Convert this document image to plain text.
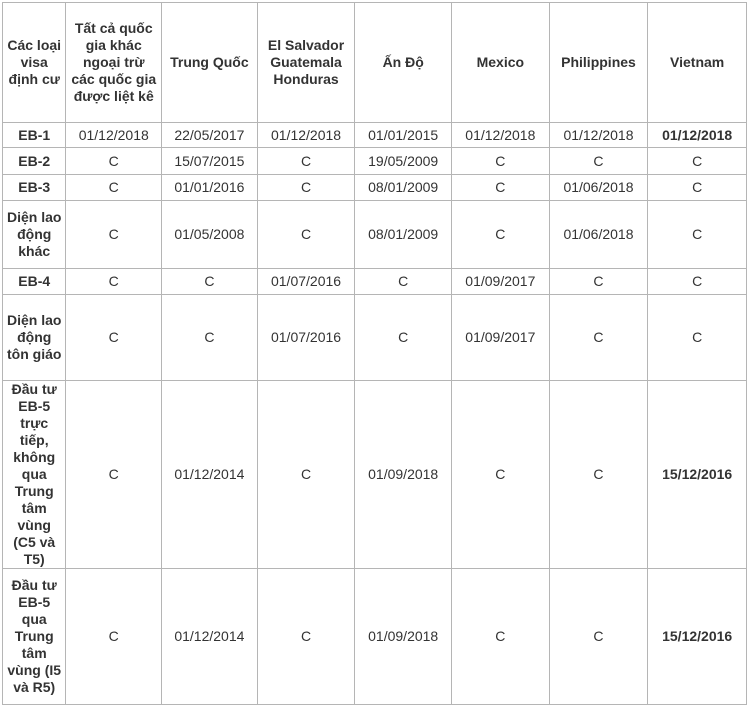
Các loại visa định cư	Tất cả quốc gia khác ngoại trừ các quốc gia được liệt kê	Trung Quốc	El Salvador Guatemala Honduras	Ấn Độ	Mexico	Philippines	Vietnam
EB-1	01/12/2018	22/05/2017	01/12/2018	01/01/2015	01/12/2018	01/12/2018	01/12/2018
EB-2	C	15/07/2015	C	19/05/2009	C	C	C
EB-3	C	01/01/2016	C	08/01/2009	C	01/06/2018	C
Diện lao động khác	C	01/05/2008	C	08/01/2009	C	01/06/2018	C
EB-4	C	C	01/07/2016	C	01/09/2017	C	C
Diện lao động tôn giáo	C	C	01/07/2016	C	01/09/2017	C	C
Đầu tư EB-5 trực tiếp, không qua Trung tâm vùng (C5 và T5)	C	01/12/2014	C	01/09/2018	C	C	15/12/2016
Đầu tư EB-5 qua Trung tâm vùng (I5 và R5)	C	01/12/2014	C	01/09/2018	C	C	15/12/2016
